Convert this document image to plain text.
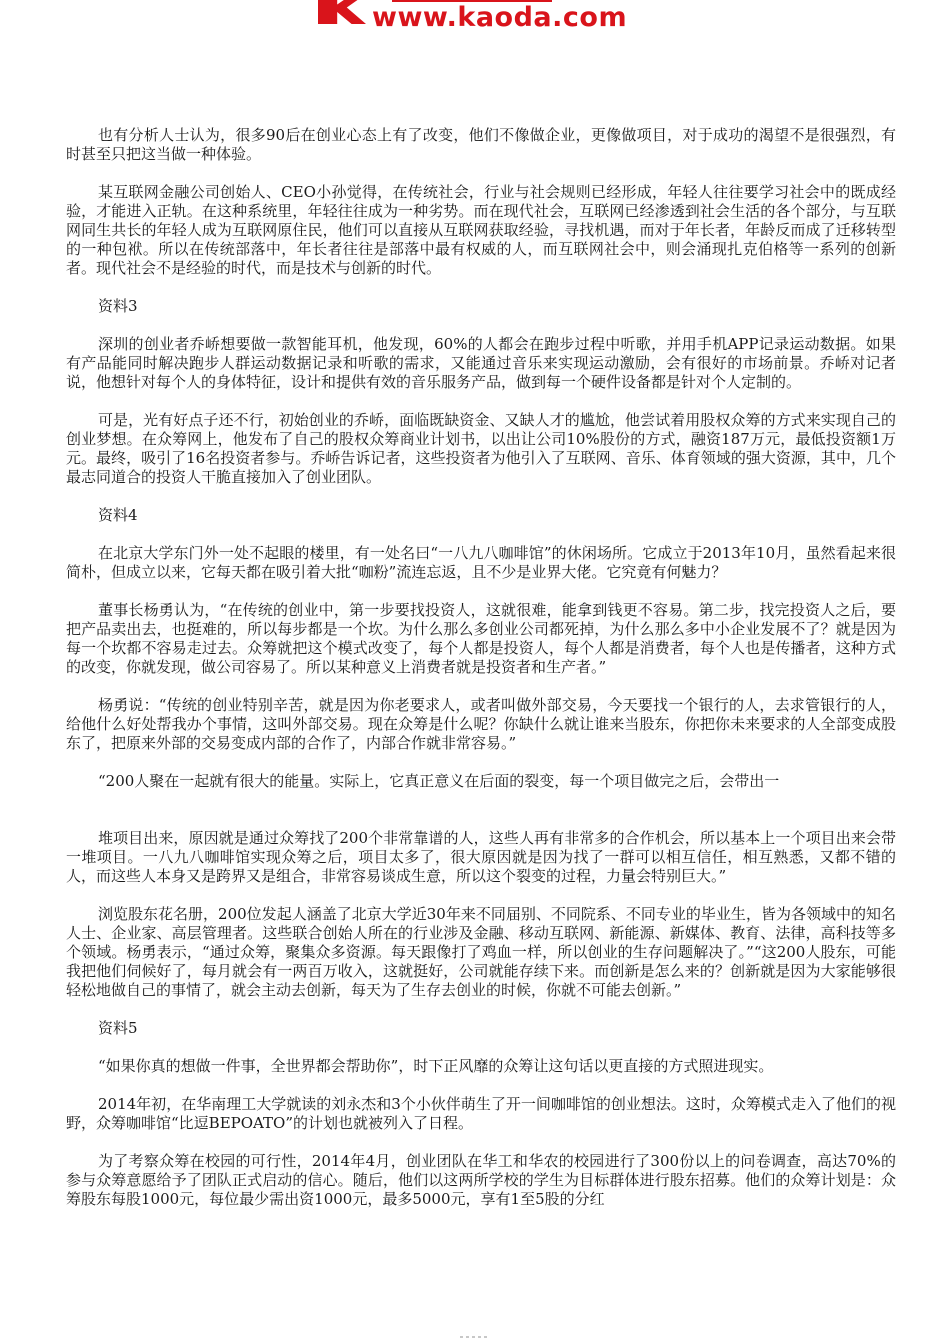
www.kaoda.com

也有分析人士认为，很多90后在创业心态上有了改变，他们不像做企业，更像做项目，对于成功的渴望不是很强烈，有时甚至只把这当做一种体验。

某互联网金融公司创始人、CEO小孙觉得，在传统社会，行业与社会规则已经形成，年轻人往往要学习社会中的既成经验，才能进入正轨。在这种系统里，年轻往往成为一种劣势。而在现代社会，互联网已经渗透到社会生活的各个部分，与互联网同生共长的年轻人成为互联网原住民，他们可以直接从互联网获取经验，寻找机遇，而对于年长者，年龄反而成了迁移转型的一种包袱。所以在传统部落中，年长者往往是部落中最有权威的人，而互联网社会中，则会涌现扎克伯格等一系列的创新者。现代社会不是经验的时代，而是技术与创新的时代。

资料3

深圳的创业者乔峤想要做一款智能耳机，他发现，60%的人都会在跑步过程中听歌，并用手机APP记录运动数据。如果有产品能同时解决跑步人群运动数据记录和听歌的需求，又能通过音乐来实现运动激励，会有很好的市场前景。乔峤对记者说，他想针对每个人的身体特征，设计和提供有效的音乐服务产品，做到每一个硬件设备都是针对个人定制的。

可是，光有好点子还不行，初始创业的乔峤，面临既缺资金、又缺人才的尴尬，他尝试着用股权众筹的方式来实现自己的创业梦想。在众筹网上，他发布了自己的股权众筹商业计划书，以出让公司10%股份的方式，融资187万元，最低投资额1万元。最终，吸引了16名投资者参与。乔峤告诉记者，这些投资者为他引入了互联网、音乐、体育领域的强大资源，其中，几个最志同道合的投资人干脆直接加入了创业团队。

资料4

在北京大学东门外一处不起眼的楼里，有一处名曰“一八九八咖啡馆”的休闲场所。它成立于2013年10月，虽然看起来很简朴，但成立以来，它每天都在吸引着大批“咖粉”流连忘返，且不少是业界大佬。它究竟有何魅力？

董事长杨勇认为，“在传统的创业中，第一步要找投资人，这就很难，能拿到钱更不容易。第二步，找完投资人之后，要把产品卖出去，也挺难的，所以每步都是一个坎。为什么那么多创业公司都死掉，为什么那么多中小企业发展不了？就是因为每一个坎都不容易走过去。众筹就把这个模式改变了，每个人都是投资人，每个人都是消费者，每个人也是传播者，这种方式的改变，你就发现，做公司容易了。所以某种意义上消费者就是投资者和生产者。”

杨勇说：“传统的创业特别辛苦，就是因为你老要求人，或者叫做外部交易，今天要找一个银行的人，去求管银行的人，给他什么好处帮我办个事情，这叫外部交易。现在众筹是什么呢？你缺什么就让谁来当股东，你把你未来要求的人全部变成股东了，把原来外部的交易变成内部的合作了，内部合作就非常容易。”

“200人聚在一起就有很大的能量。实际上，它真正意义在后面的裂变，每一个项目做完之后，会带出一

堆项目出来，原因就是通过众筹找了200个非常靠谱的人，这些人再有非常多的合作机会，所以基本上一个项目出来会带一堆项目。一八九八咖啡馆实现众筹之后，项目太多了，很大原因就是因为找了一群可以相互信任，相互熟悉，又都不错的人，而这些人本身又是跨界又是组合，非常容易谈成生意，所以这个裂变的过程，力量会特别巨大。”

浏览股东花名册，200位发起人涵盖了北京大学近30年来不同届别、不同院系、不同专业的毕业生，皆为各领域中的知名人士、企业家、高层管理者。这些联合创始人所在的行业涉及金融、移动互联网、新能源、新媒体、教育、法律，高科技等多个领域。杨勇表示，“通过众筹，聚集众多资源。每天跟像打了鸡血一样，所以创业的生存问题解决了。”“这200人股东，可能我把他们伺候好了，每月就会有一两百万收入，这就挺好，公司就能存续下来。而创新是怎么来的？创新就是因为大家能够很轻松地做自己的事情了，就会主动去创新，每天为了生存去创业的时候，你就不可能去创新。”

资料5

“如果你真的想做一件事，全世界都会帮助你”，时下正风靡的众筹让这句话以更直接的方式照进现实。

2014年初，在华南理工大学就读的刘永杰和3个小伙伴萌生了开一间咖啡馆的创业想法。这时，众筹模式走入了他们的视野，众筹咖啡馆“比逗BEPOATO”的计划也就被列入了日程。

为了考察众筹在校园的可行性，2014年4月，创业团队在华工和华农的校园进行了300份以上的问卷调查，高达70%的参与众筹意愿给予了团队正式启动的信心。随后，他们以这两所学校的学生为目标群体进行股东招募。他们的众筹计划是：众筹股东每股1000元，每位最少需出资1000元，最多5000元，享有1至5股的分红
